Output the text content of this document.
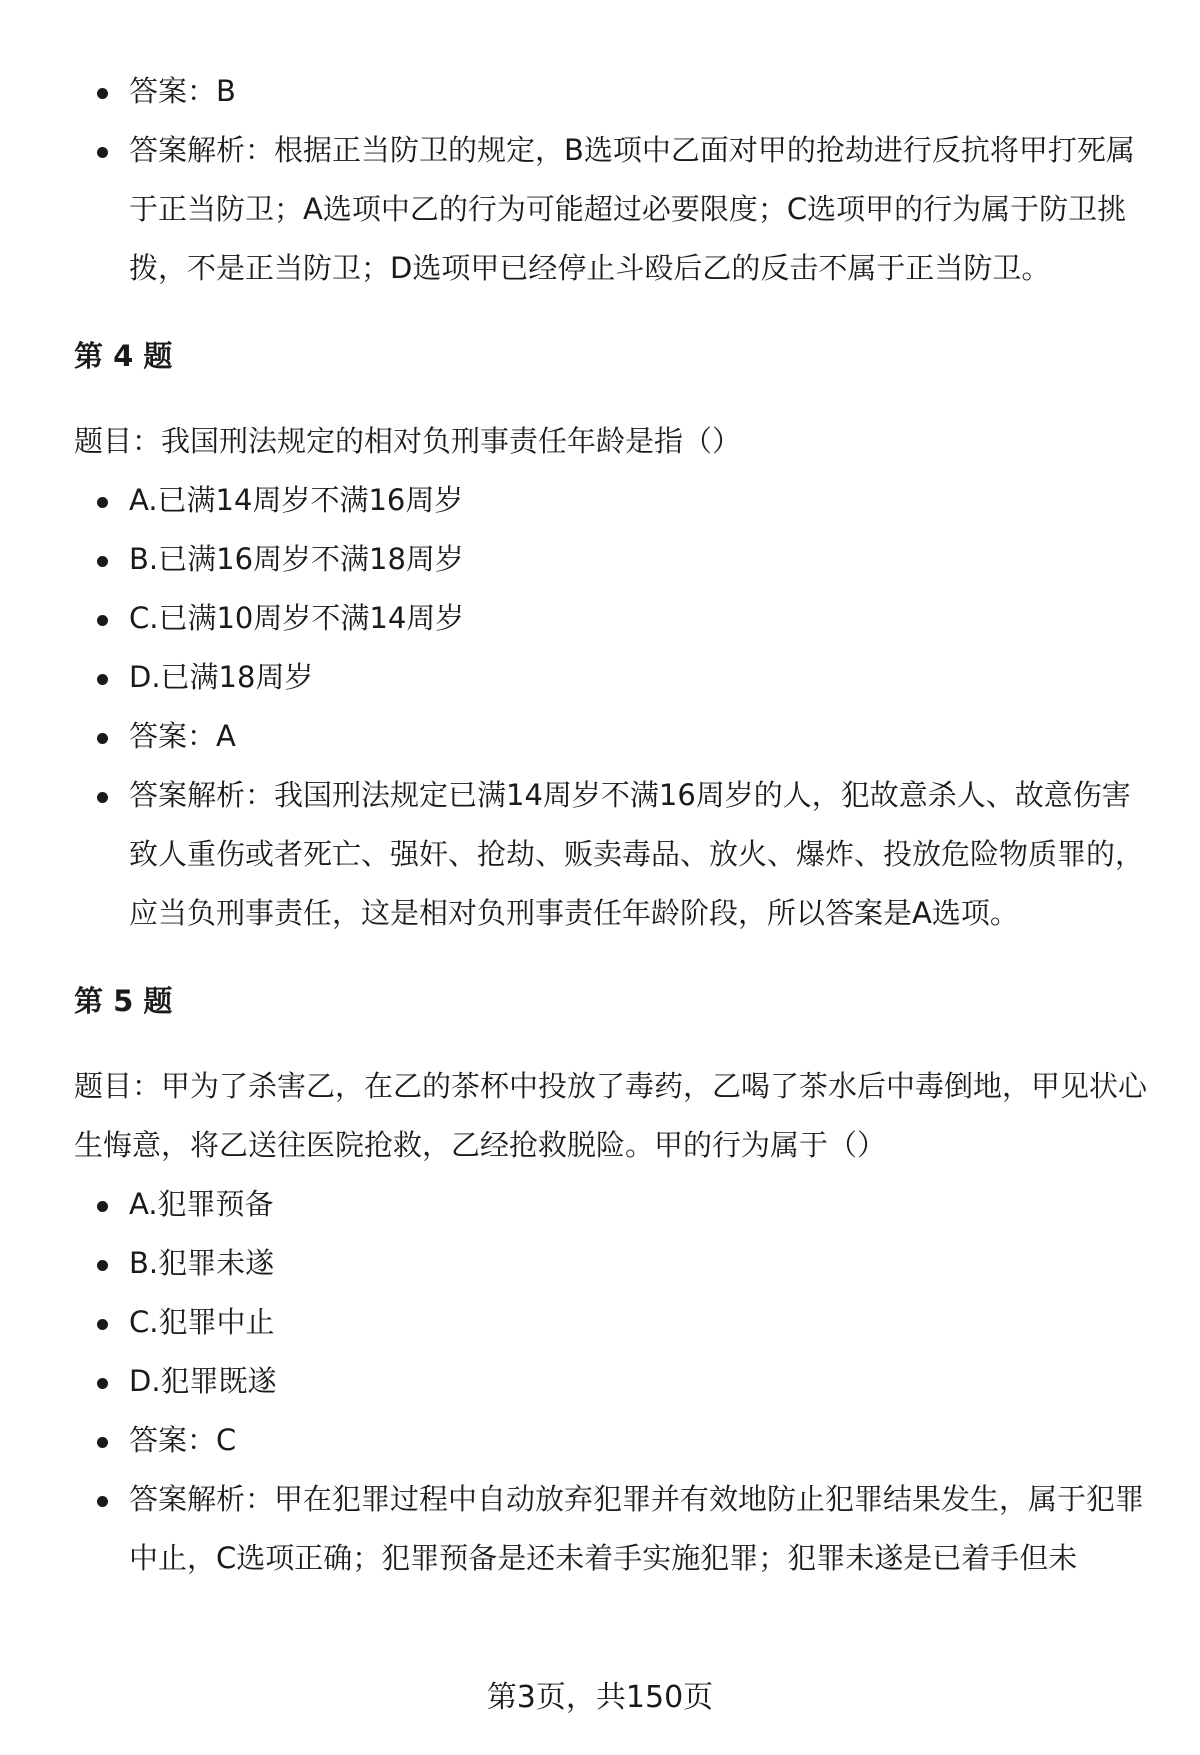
答案：B
答案解析：根据正当防卫的规定，B选项中乙面对甲的抢劫进行反抗将甲打死属于正当防卫；A选项中乙的行为可能超过必要限度；C选项甲的行为属于防卫挑拨，不是正当防卫；D选项甲已经停止斗殴后乙的反击不属于正当防卫。
第 4 题
题目：我国刑法规定的相对负刑事责任年龄是指（）
A.已满14周岁不满16周岁
B.已满16周岁不满18周岁
C.已满10周岁不满14周岁
D.已满18周岁
答案：A
答案解析：我国刑法规定已满14周岁不满16周岁的人，犯故意杀人、故意伤害致人重伤或者死亡、强奸、抢劫、贩卖毒品、放火、爆炸、投放危险物质罪的，应当负刑事责任，这是相对负刑事责任年龄阶段，所以答案是A选项。
第 5 题
题目：甲为了杀害乙，在乙的茶杯中投放了毒药，乙喝了茶水后中毒倒地，甲见状心生悔意，将乙送往医院抢救，乙经抢救脱险。甲的行为属于（）
A.犯罪预备
B.犯罪未遂
C.犯罪中止
D.犯罪既遂
答案：C
答案解析：甲在犯罪过程中自动放弃犯罪并有效地防止犯罪结果发生，属于犯罪中止，C选项正确；犯罪预备是还未着手实施犯罪；犯罪未遂是已着手但未
第3页，共150页
